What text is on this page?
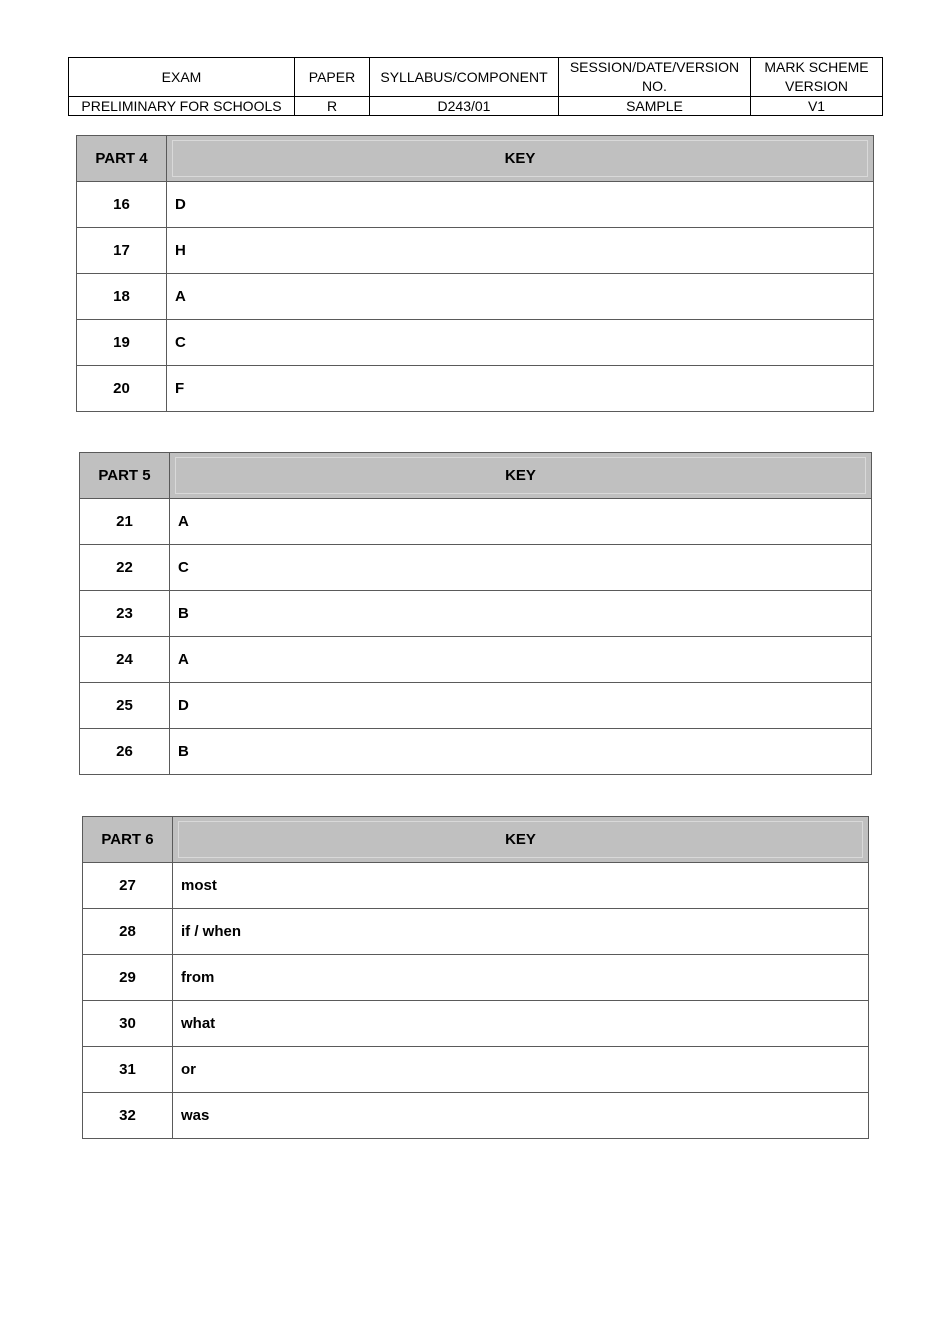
EXAM	PAPER	SYLLABUS/COMPONENT	SESSION/DATE/VERSION NO.	MARK SCHEME VERSION
PRELIMINARY FOR SCHOOLS	R	D243/01	SAMPLE	V1
PART 4	KEY

16	D
17	H
18	A
19	C
20	F
PART 5	KEY

21	A
22	C
23	B
24	A
25	D
26	B
PART 6	KEY

27	most
28	if / when
29	from
30	what
31	or
32	was
